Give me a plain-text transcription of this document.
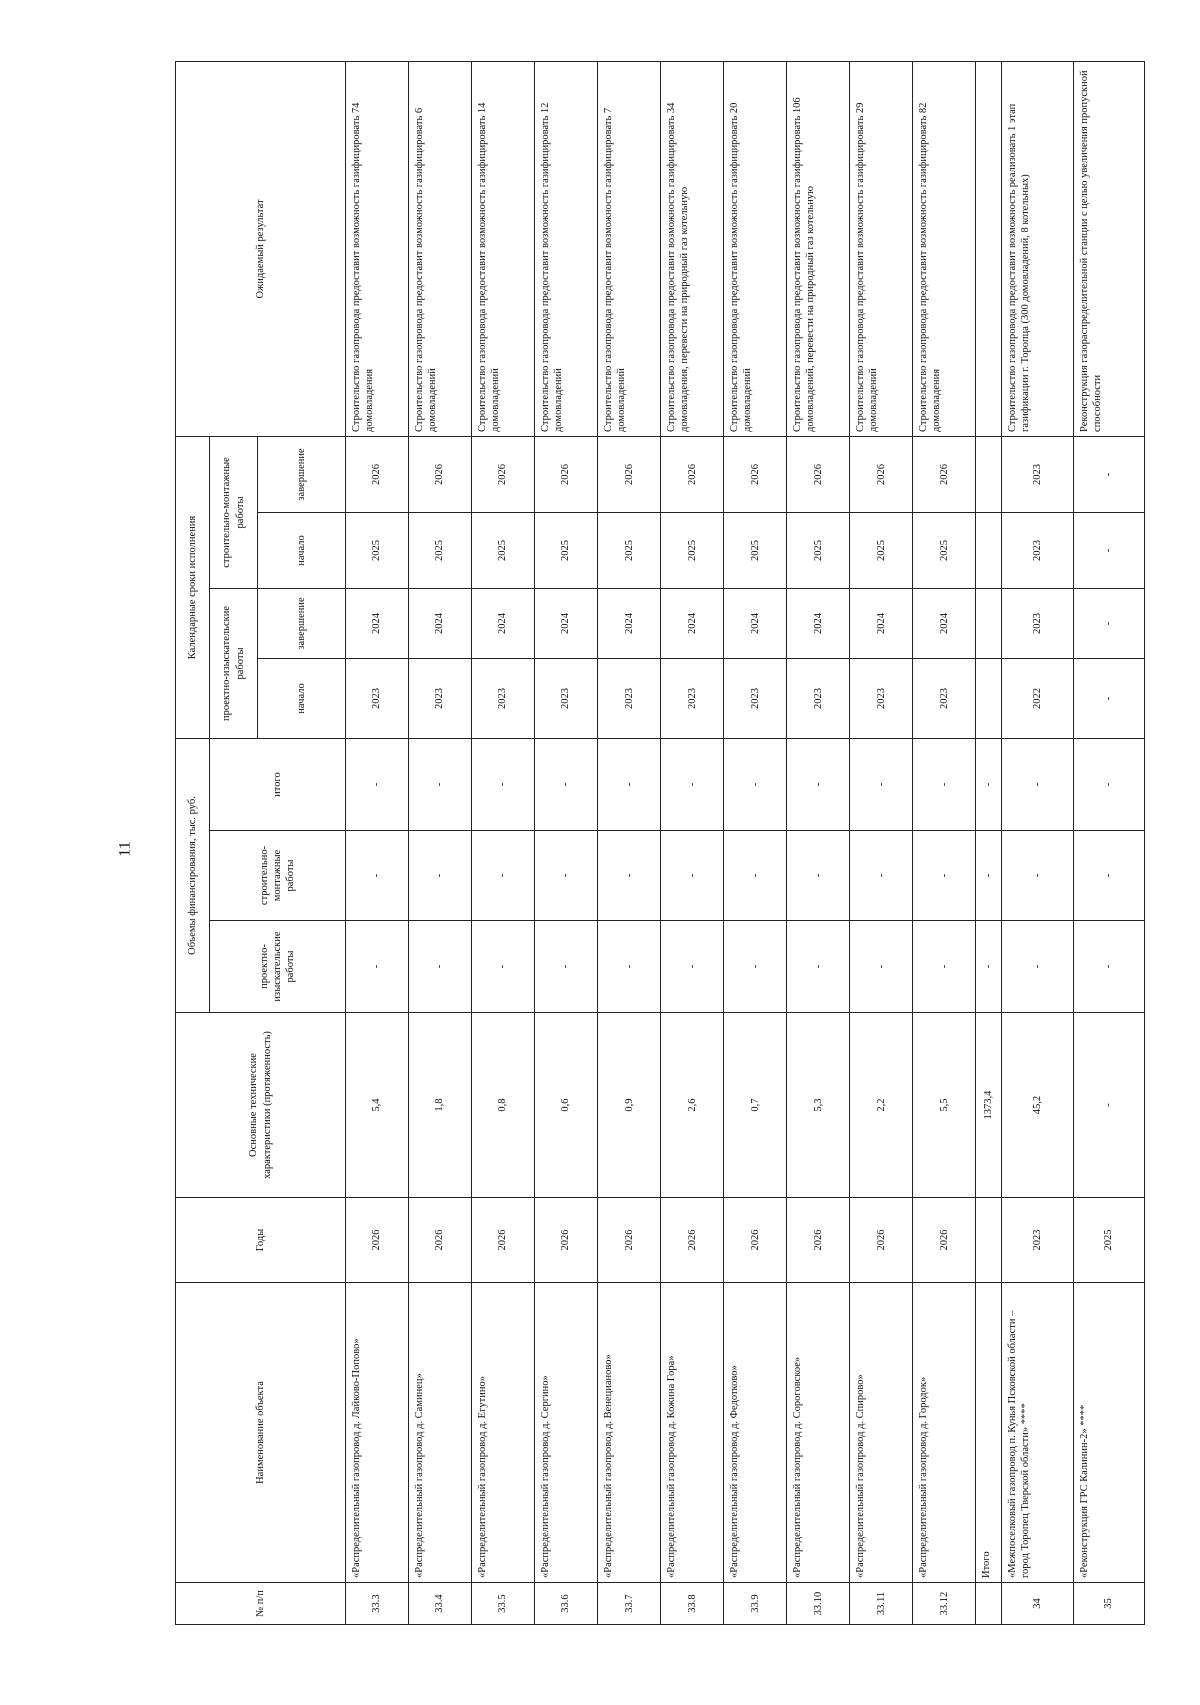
11
№ п/п	Наименование объекта	Годы	Основные технические характеристики (протяженность)	Объемы финансирования, тыс. руб.			Календарные сроки исполнения				Ожидаемый результат
				проектно-изыскательские работы	строительно-монтажные работы	итого	проектно-изыскательские работы		строительно-монтажные работы		
							начало	завершение	начало	завершение	
33.3	«Распределительный газопровод д. Лайково-Попово»	2026	5,4	-	-	-	2023	2024	2025	2026	Строительство газопровода предоставит возможность газифицировать 74 домовладения
33.4	«Распределительный газопровод д. Саминец»	2026	1,8	-	-	-	2023	2024	2025	2026	Строительство газопровода предоставит возможность газифицировать 6 домовладений
33.5	«Распределительный газопровод д. Егутино»	2026	0,8	-	-	-	2023	2024	2025	2026	Строительство газопровода предоставит возможность газифицировать 14 домовладений
33.6	«Распределительный газопровод д. Сергино»	2026	0,6	-	-	-	2023	2024	2025	2026	Строительство газопровода предоставит возможность газифицировать 12 домовладений
33.7	«Распределительный газопровод д. Венецианово»	2026	0,9	-	-	-	2023	2024	2025	2026	Строительство газопровода предоставит возможность газифицировать 7 домовладений
33.8	«Распределительный газопровод д. Кожина Гора»	2026	2,6	-	-	-	2023	2024	2025	2026	Строительство газопровода предоставит возможность газифицировать 34 домовладения, перевести на природный газ котельную
33.9	«Распределительный газопровод д. Федотково»	2026	0,7	-	-	-	2023	2024	2025	2026	Строительство газопровода предоставит возможность газифицировать 20 домовладений
33.10	«Распределительный газопровод д. Сороговское»	2026	5,3	-	-	-	2023	2024	2025	2026	Строительство газопровода предоставит возможность газифицировать 106 домовладений, перевести на природный газ котельную
33.11	«Распределительный газопровод д. Спирово»	2026	2,2	-	-	-	2023	2024	2025	2026	Строительство газопровода предоставит возможность газифицировать 29 домовладений
33.12	«Распределительный газопровод д. Городок»	2026	5,5	-	-	-	2023	2024	2025	2026	Строительство газопровода предоставит возможность газифицировать 82 домовладения
	Итого		1373,4	-	-	-					
34	«Межпоселковый газопровод п. Кунья Псковской области – город Торопец Тверской области» ****	2023	45,2	-	-	-	2022	2023	2023	2023	Строительство газопровода предоставит возможность реализовать 1 этап газификации г. Торопца (300 домовладений, 8 котельных)
35	«Реконструкция ГРС Калинин-2» ****	2025	-	-	-	-	-	-	-	-	Реконструкция газораспределительной станции с целью увеличения пропускной способности
